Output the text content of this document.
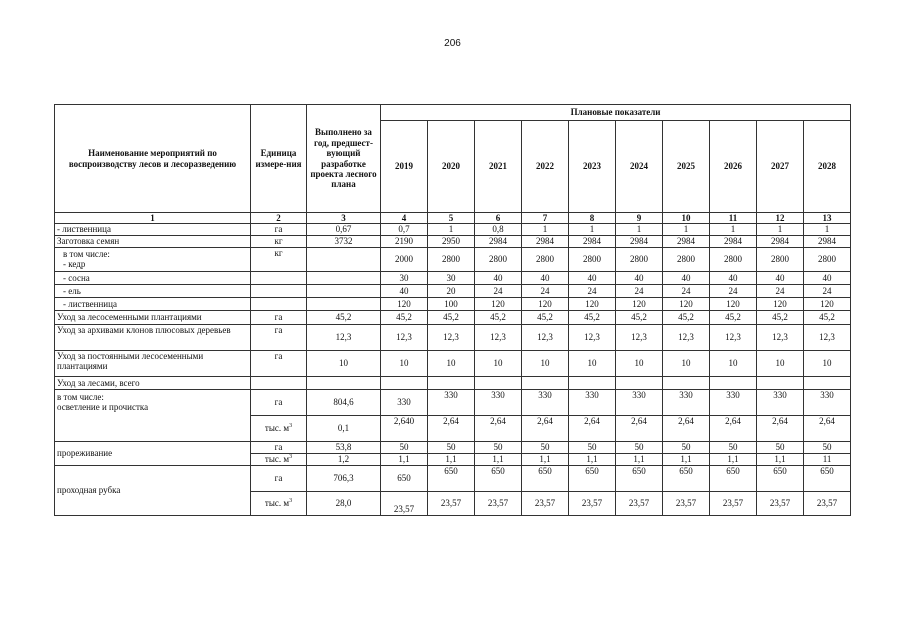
206
Наименование мероприятий по воспроизводству лесов и лесоразведению	Единица измере-ния	Выполнено за год, предшест-вующий разработке проекта лесного плана	Плановые показатели									
			2019	2020	2021	2022	2023	2024	2025	2026	2027	2028
1	2	3	4	5	6	7	8	9	10	11	12	13
- лиственница	га	0,67	0,7	1	0,8	1	1	1	1	1	1	1
Заготовка семян	кг	3732	2190	2950	2984	2984	2984	2984	2984	2984	2984	2984

в том числе:
- кедр	кг		2000	2800	2800	2800	2800	2800	2800	2800	2800	2800
- сосна			30	30	40	40	40	40	40	40	40	40
- ель			40	20	24	24	24	24	24	24	24	24
- лиственница			120	100	120	120	120	120	120	120	120	120
Уход за лесосеменными плантациями	га	45,2	45,2	45,2	45,2	45,2	45,2	45,2	45,2	45,2	45,2	45,2
Уход за архивами клонов плюсовых деревьев	га	12,3	12,3	12,3	12,3	12,3	12,3	12,3	12,3	12,3	12,3	12,3
Уход за постоянными лесосеменными плантациями	га	10	10	10	10	10	10	10	10	10	10	10
Уход за лесами, всего												

в том числе:
осветление и прочистка	га	804,6	330	330	330	330	330	330	330	330	330	330
	тыс. $м^3$	0,1	2,640	2,64	2,64	2,64	2,64	2,64	2,64	2,64	2,64	2,64
прореживание	га	53,8	50	50	50	50	50	50	50	50	50	50
	тыс. $м^3$	1,2	1,1	1,1	1,1	1,1	1,1	1,1	1,1	1,1	1,1	11
проходная рубка	га	706,3	650	650	650	650	650	650	650	650	650	650
	тыс. $м^3$	28,0	23,57	23,57	23,57	23,57	23,57	23,57	23,57	23,57	23,57	23,57
